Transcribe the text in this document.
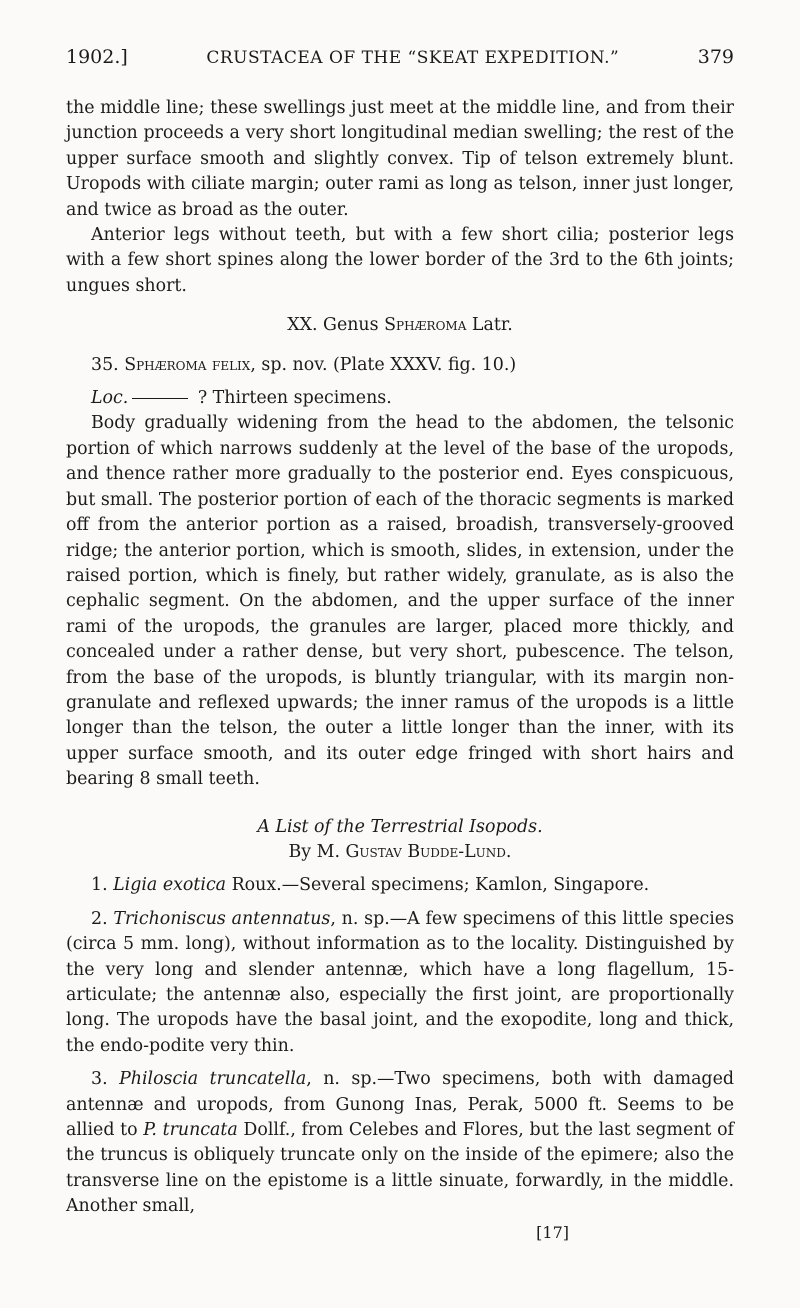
1902.]	CRUSTACEA OF THE “SKEAT EXPEDITION.”	379

the middle line; these swellings just meet at the middle line, and from their junction proceeds a very short longitudinal median swelling; the rest of the upper surface smooth and slightly convex. Tip of telson extremely blunt. Uropods with ciliate margin; outer rami as long as telson, inner just longer, and twice as broad as the outer.

Anterior legs without teeth, but with a few short cilia; posterior legs with a few short spines along the lower border of the 3rd to the 6th joints; ungues short.

XX. Genus Sphæroma Latr.

35. Sphæroma felix, sp. nov. (Plate XXXV. fig. 10.)

Loc.	? Thirteen specimens.

Body gradually widening from the head to the abdomen, the telsonic portion of which narrows suddenly at the level of the base of the uropods, and thence rather more gradually to the posterior end. Eyes conspicuous, but small. The posterior portion of each of the thoracic segments is marked off from the anterior portion as a raised, broadish, transversely-grooved ridge; the anterior portion, which is smooth, slides, in extension, under the raised portion, which is finely, but rather widely, granulate, as is also the cephalic segment. On the abdomen, and the upper surface of the inner rami of the uropods, the granules are larger, placed more thickly, and concealed under a rather dense, but very short, pubescence. The telson, from the base of the uropods, is bluntly triangular, with its margin non-granulate and reflexed upwards; the inner ramus of the uropods is a little longer than the telson, the outer a little longer than the inner, with its upper surface smooth, and its outer edge fringed with short hairs and bearing 8 small teeth.

A List of the Terrestrial Isopods.

By M. Gustav Budde-Lund.

1. Ligia exotica Roux.—Several specimens; Kamlon, Singapore.

2. Trichoniscus antennatus, n. sp.—A few specimens of this little species (circa 5 mm. long), without information as to the locality. Distinguished by the very long and slender antennæ, which have a long flagellum, 15-articulate; the antennæ also, especially the first joint, are proportionally long. The uropods have the basal joint, and the exopodite, long and thick, the endo-podite very thin.

3. Philoscia truncatella, n. sp.—Two specimens, both with damaged antennæ and uropods, from Gunong Inas, Perak, 5000 ft. Seems to be allied to P. truncata Dollf., from Celebes and Flores, but the last segment of the truncus is obliquely truncate only on the inside of the epimere; also the transverse line on the epistome is a little sinuate, forwardly, in the middle. Another small,

[17]
